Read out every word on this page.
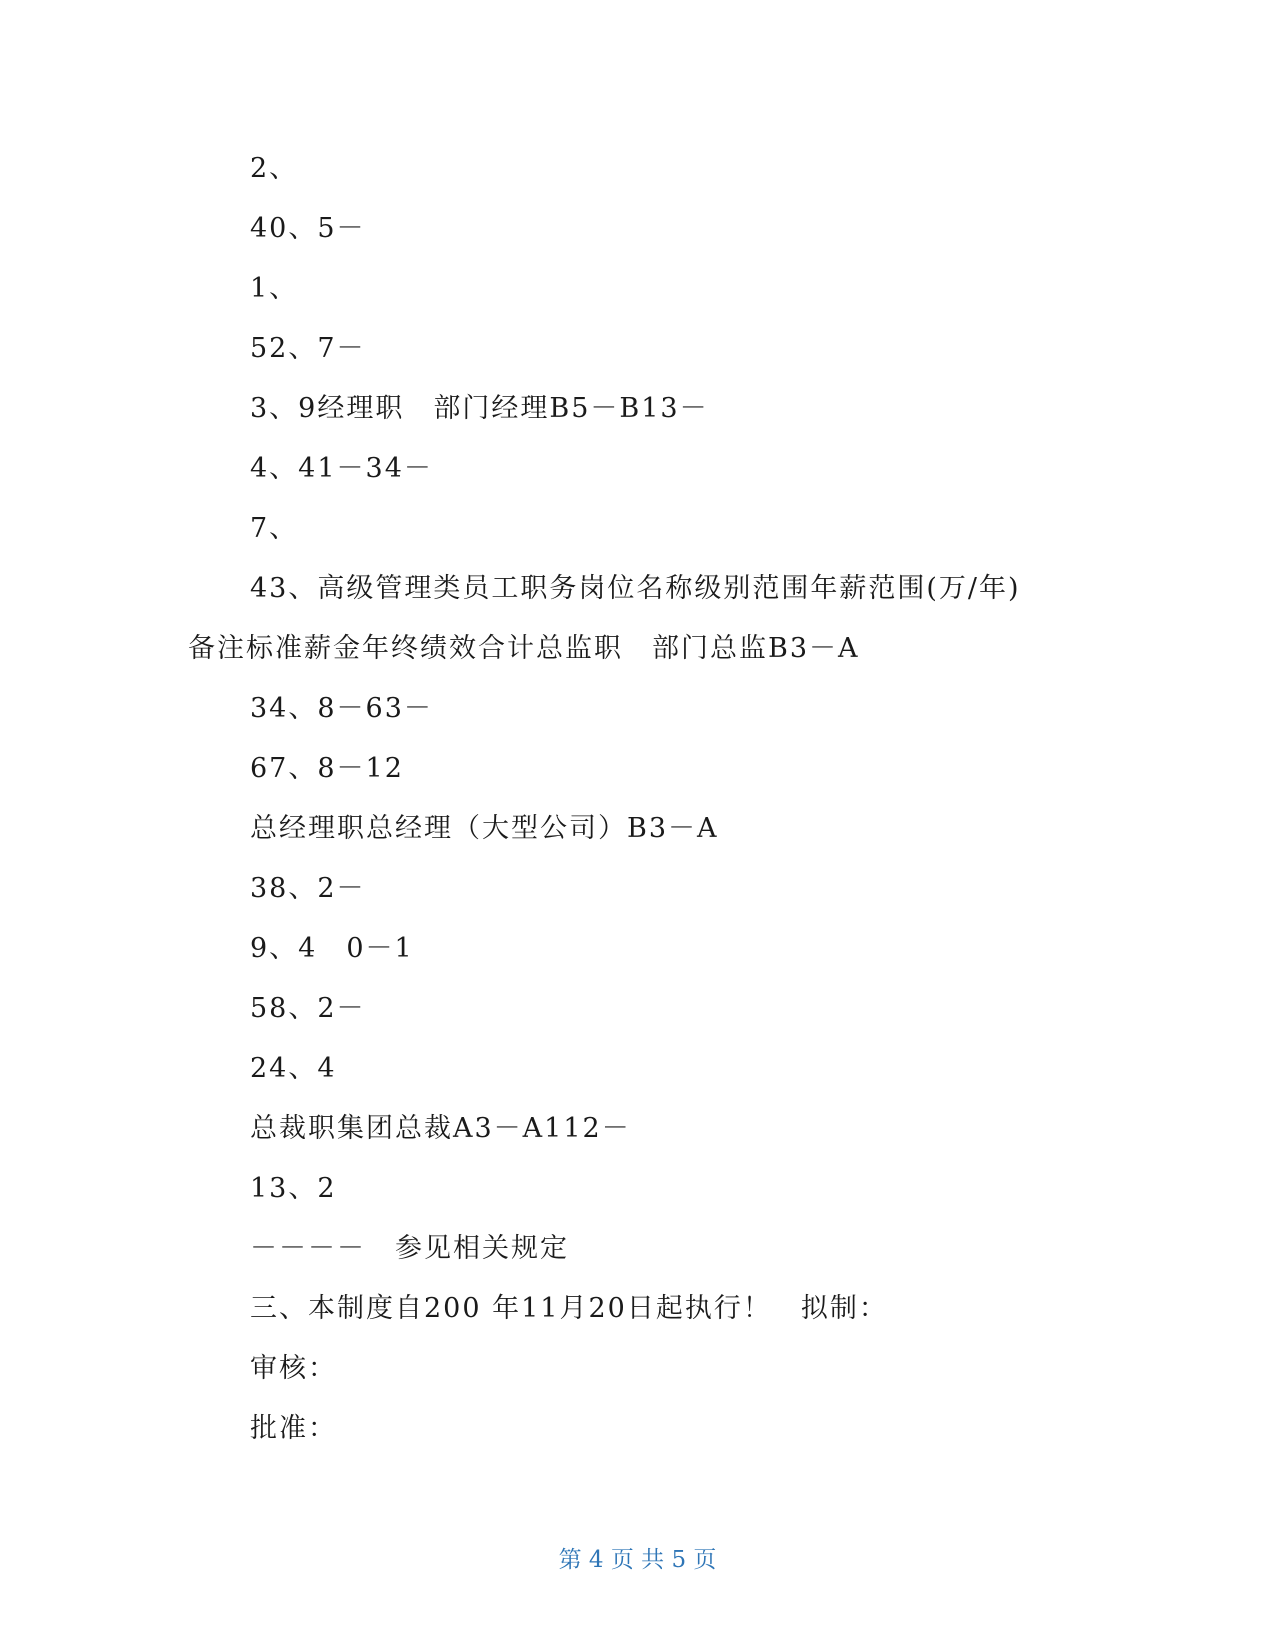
2、
40、5－
1、
52、7－
3、9经理职　部门经理B5－B13－
4、41－34－
7、
43、高级管理类员工职务岗位名称级别范围年薪范围(万/年)
备注标准薪金年终绩效合计总监职　部门总监B3－A
34、8－63－
67、8－12
总经理职总经理（大型公司）B3－A
38、2－
9、4　0－1
58、2－
24、4
总裁职集团总裁A3－A112－
13、2
－－－－　参见相关规定
三、本制度自200 年11月20日起执行！　拟制：
审核：
批准：
第 4 页 共 5 页
